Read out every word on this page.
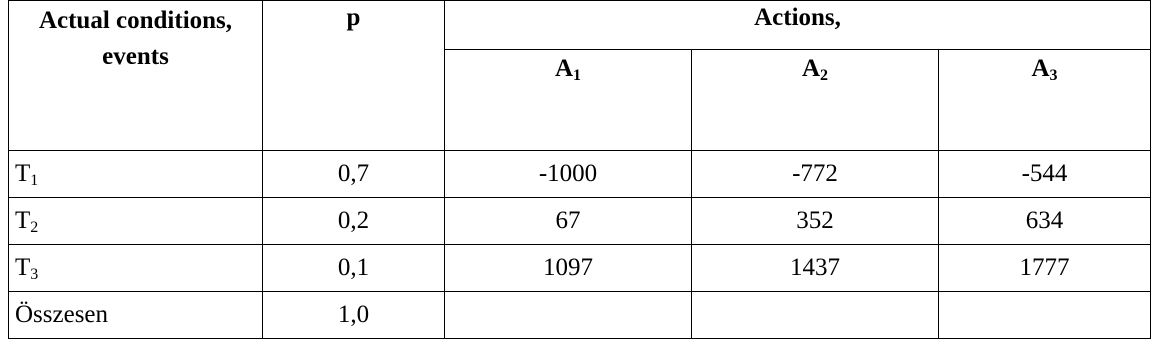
Actual conditions, events	p	Actions,		
		$A_1$	$A_2$	$A_3$
$T_1$	0,7	-1000	-772	-544
$T_2$	0,2	67	352	634
$T_3$	0,1	1097	1437	1777
Összesen	1,0			
